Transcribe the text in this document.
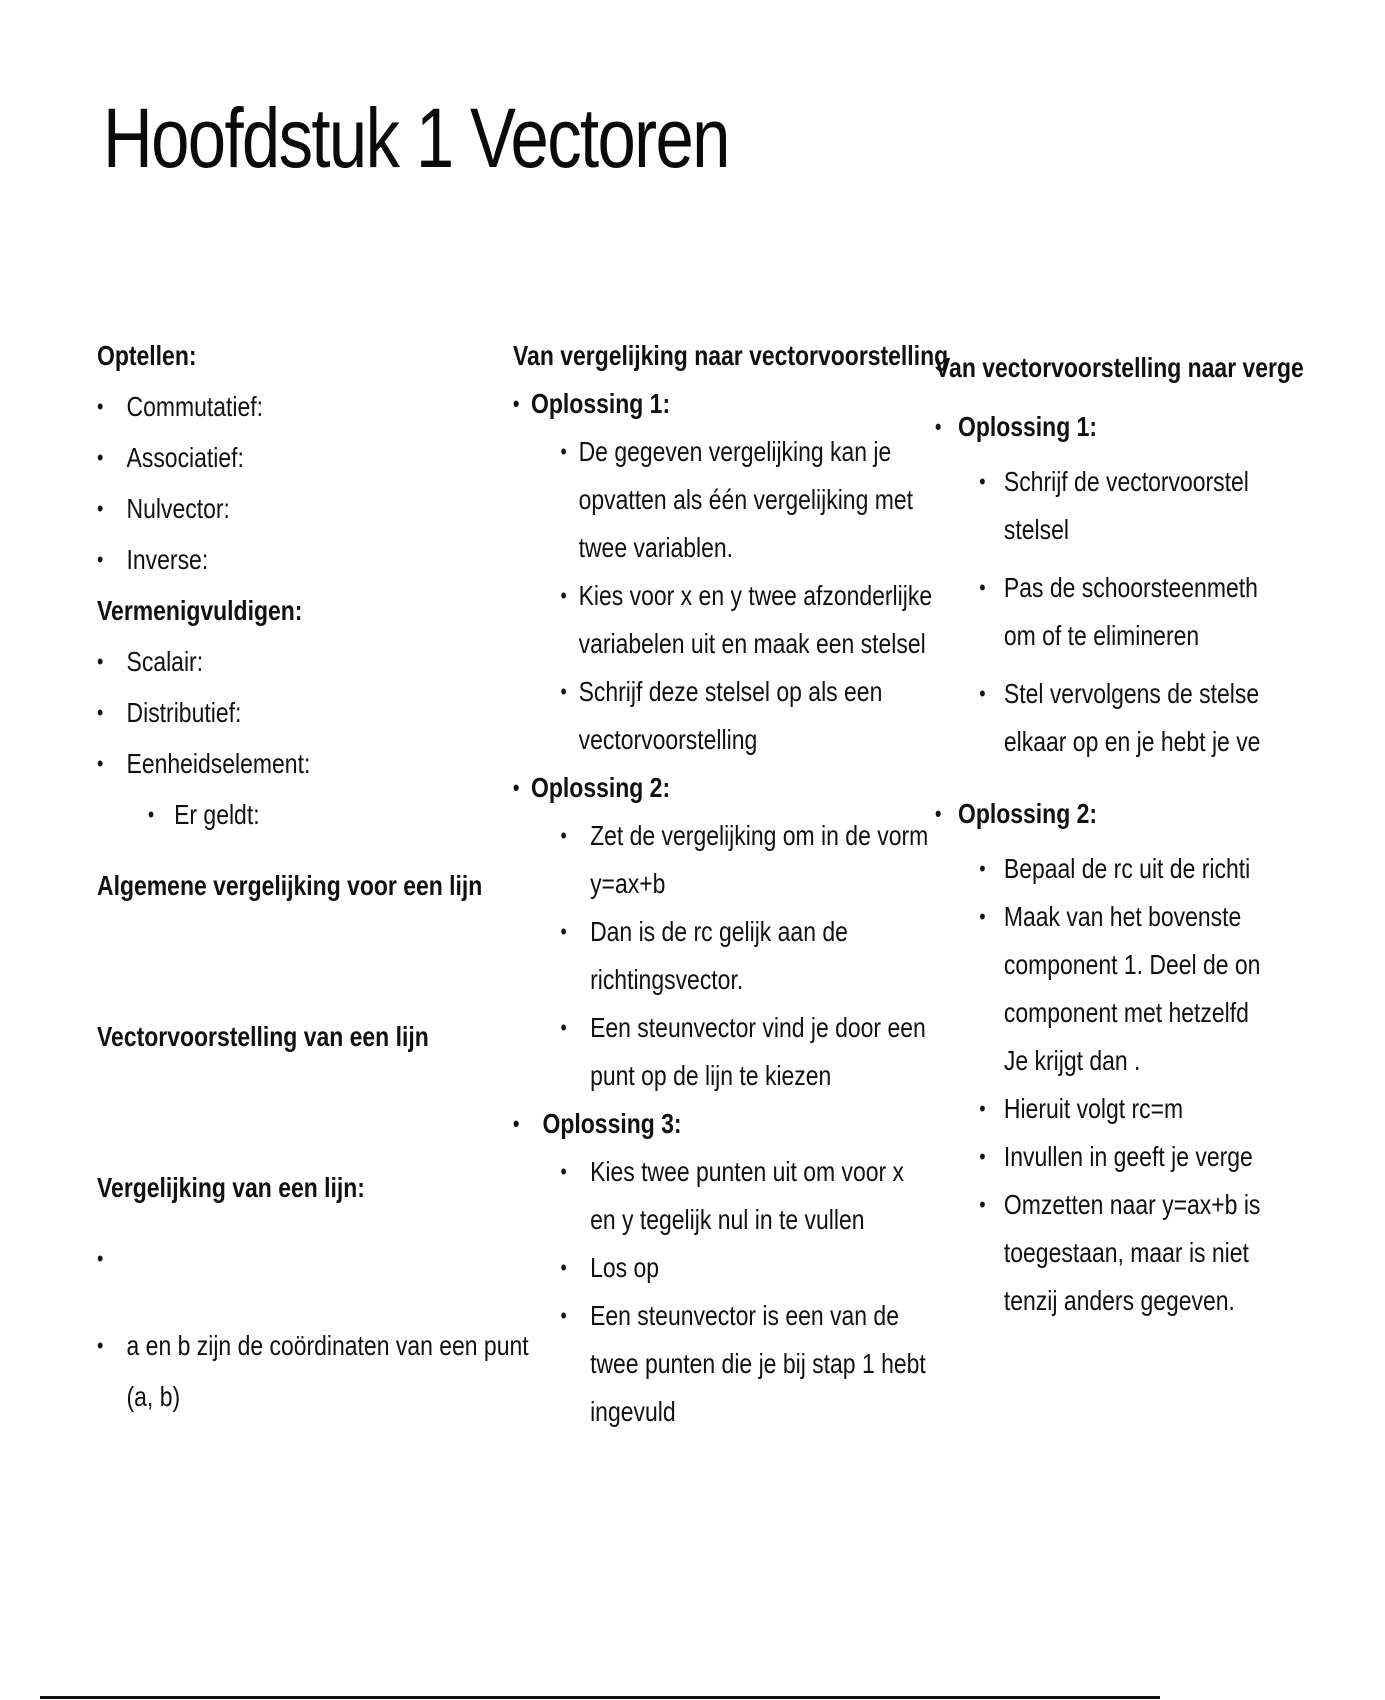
Hoofdstuk 1 Vectoren
Optellen:
• Commutatief:
• Associatief:
• Nulvector:
• Inverse:
Vermenigvuldigen:
• Scalair:
• Distributief:
• Eenheidselement:
• Er geldt:
Algemene vergelijking voor een lijn
Vectorvoorstelling van een lijn
Vergelijking van een lijn:
•
• a en b zijn de coördinaten van een punt
(a, b)
Van vergelijking naar vectorvoorstelling
• Oplossing 1:
• De gegeven vergelijking kan je
opvatten als één vergelijking met
twee variablen.
• Kies voor x en y twee afzonderlijke
variabelen uit en maak een stelsel
• Schrijf deze stelsel op als een
vectorvoorstelling
• Oplossing 2:
• Zet de vergelijking om in de vorm
y=ax+b
• Dan is de rc gelijk aan de
richtingsvector.
• Een steunvector vind je door een
punt op de lijn te kiezen
• Oplossing 3:
• Kies twee punten uit om voor x
en y tegelijk nul in te vullen
• Los op
• Een steunvector is een van de
twee punten die je bij stap 1 hebt
ingevuld
Van vectorvoorstelling naar verge
• Oplossing 1:
• Schrijf de vectorvoorstel
stelsel
• Pas de schoorsteenmeth
om of te elimineren
• Stel vervolgens de stelse
elkaar op en je hebt je ve
• Oplossing 2:
• Bepaal de rc uit de richti
• Maak van het bovenste
component 1. Deel de on
component met hetzelfd
Je krijgt dan .
• Hieruit volgt rc=m
• Invullen in geeft je verge
• Omzetten naar y=ax+b is
toegestaan, maar is niet
tenzij anders gegeven.
